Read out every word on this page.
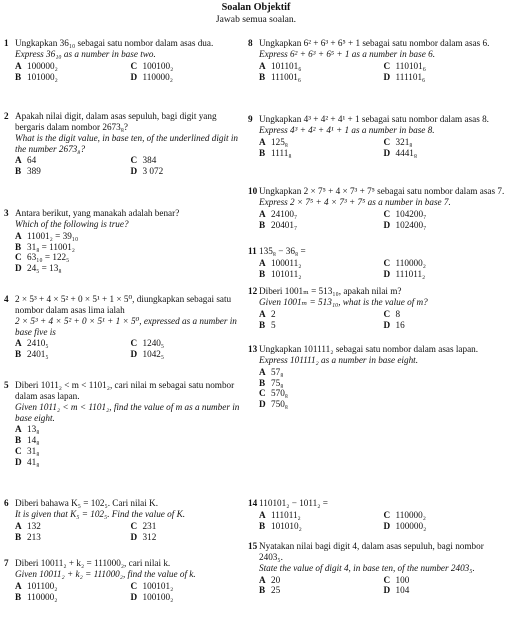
Soalan Objektif
Jawab semua soalan.
1 Ungkapkan 36₁₀ sebagai satu nombor dalam asas dua.
Express 36₁₀ as a number in base two.
A 100000₂	C 100100₂
B 101000₂	D 110000₂
2 Apakah nilai digit, dalam asas sepuluh, bagi digit yang bergaris dalam nombor 2673₈?
What is the digit value, in base ten, of the underlined digit in the number 2673₈?
A 64	C 384
B 389	D 3 072
3 Antara berikut, yang manakah adalah benar?
Which of the following is true?
A 11001₂ = 39₁₀
B 31₈ = 11001₂
C 63₁₀ = 122₅
D 24₅ = 13₈
4 2 × 5³ + 4 × 5² + 0 × 5¹ + 1 × 5⁰, diungkapkan sebagai satu nombor dalam asas lima ialah
2 × 5³ + 4 × 5² + 0 × 5¹ + 1 × 5⁰, expressed as a number in base five is
A 2410₅	C 1240₅
B 2401₅	D 1042₅
5 Diberi 1011₂ < m < 1101₂, cari nilai m sebagai satu nombor dalam asas lapan.
Given 1011₂ < m < 1101₂, find the value of m as a number in base eight.
A 13₈
B 14₈
C 31₈
D 41₈
6 Diberi bahawa K₅ = 102₅. Cari nilai K.
It is given that K₅ = 102₅. Find the value of K.
A 132	C 231
B 213	D 312
7 Diberi 10011₂ + k₂ = 111000₂, cari nilai k.
Given 10011₂ + k₂ = 111000₂, find the value of k.
A 101100₂	C 100101₂
B 110000₂	D 100100₂
8 Ungkapkan 6² + 6³ + 6⁵ + 1 sebagai satu nombor dalam asas 6.
Express 6² + 6³ + 6⁵ + 1 as a number in base 6.
A 101101₆	C 110101₆
B 111001₆	D 111101₆
9 Ungkapkan 4³ + 4² + 4¹ + 1 sebagai satu nombor dalam asas 8.
Express 4³ + 4² + 4¹ + 1 as a number in base 8.
A 125₈	C 321₈
B 1111₈	D 4441₈
10 Ungkapkan 2 × 7⁵ + 4 × 7³ + 7⁵ sebagai satu nombor dalam asas 7.
Express 2 × 7⁵ + 4 × 7³ + 7⁵ as a number in base 7.
A 24100₇	C 104200₇
B 20401₇	D 102400₇
11 135₈ − 36₈ =
A 100011₂	C 110000₂
B 101011₂	D 111011₂
12 Diberi 1001ₘ = 513₁₀, apakah nilai m?
Given 1001ₘ = 513₁₀, what is the value of m?
A 2	C 8
B 5	D 16
13 Ungkapkan 101111₂ sebagai satu nombor dalam asas lapan.
Express 101111₂ as a number in base eight.
A 57₈
B 75₈
C 570₈
D 750₈
14 110101₂ − 1011₂ =
A 111011₂	C 110000₂
B 101010₂	D 100000₂
15 Nyatakan nilai bagi digit 4, dalam asas sepuluh, bagi nombor 2403₅.
State the value of digit 4, in base ten, of the number 2403₅.
A 20	C 100
B 25	D 104
